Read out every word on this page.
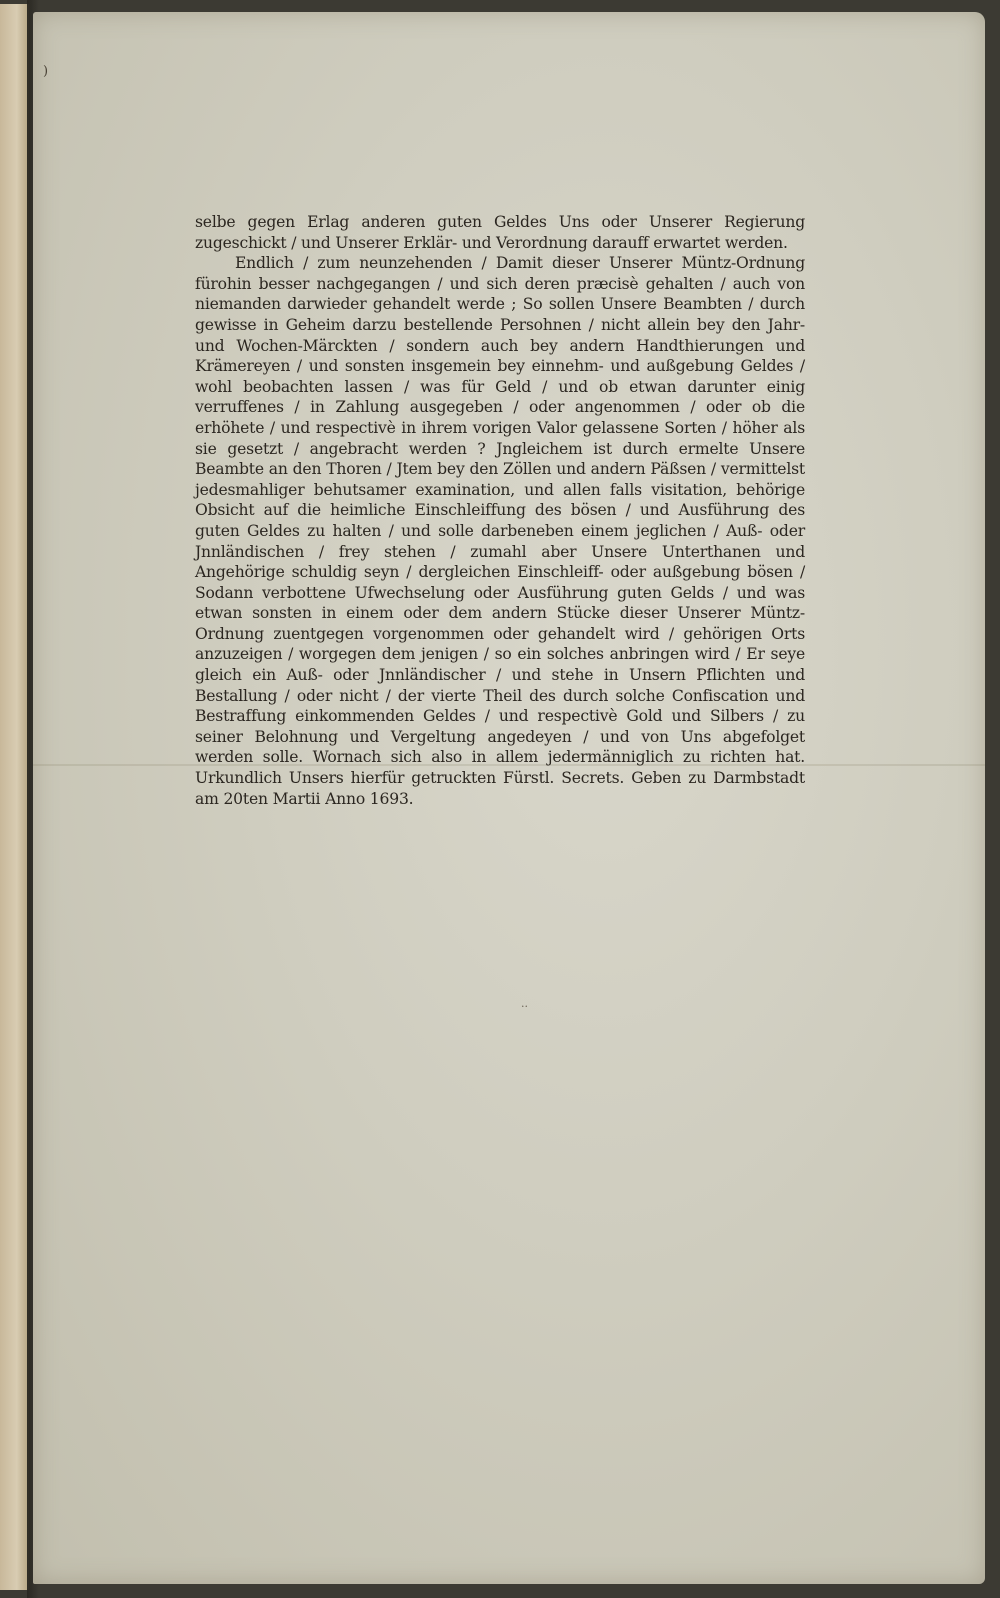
)

selbe gegen Erlag anderen guten Geldes Uns oder Unserer Regierung zugeschickt / und Unserer Erklär- und Verordnung darauff erwartet werden.

Endlich / zum neunzehenden / Damit dieser Unserer Müntz-Ordnung fürohin besser nachgegangen / und sich deren præcisè gehalten / auch von niemanden darwieder gehandelt werde ; So sollen Unsere Beambten / durch gewisse in Geheim darzu bestellende Persohnen / nicht allein bey den Jahr- und Wochen-Märckten / sondern auch bey andern Handthierungen und Krämereyen / und sonsten insgemein bey einnehm- und außgebung Geldes / wohl beobachten lassen / was für Geld / und ob etwan darunter einig verruffenes / in Zahlung ausgegeben / oder angenommen / oder ob die erhöhete / und respectivè in ihrem vorigen Valor gelassene Sorten / höher als sie gesetzt / angebracht werden ? Jngleichem ist durch ermelte Unsere Beambte an den Thoren / Jtem bey den Zöllen und andern Päßsen / vermittelst jedesmahliger behutsamer examination, und allen falls visitation, behörige Obsicht auf die heimliche Einschleiffung des bösen / und Ausführung des guten Geldes zu halten / und solle darbeneben einem jeglichen / Auß- oder Jnnländischen / frey stehen / zumahl aber Unsere Unterthanen und Angehörige schuldig seyn / dergleichen Einschleiff- oder außgebung bösen / Sodann verbottene Ufwechselung oder Ausführung guten Gelds / und was etwan sonsten in einem oder dem andern Stücke dieser Unserer Müntz-Ordnung zuentgegen vorgenommen oder gehandelt wird / gehörigen Orts anzuzeigen / worgegen dem jenigen / so ein solches anbringen wird / Er seye gleich ein Auß- oder Jnnländischer / und stehe in Unsern Pflichten und Bestallung / oder nicht / der vierte Theil des durch solche Confiscation und Bestraffung einkommenden Geldes / und respectivè Gold und Silbers / zu seiner Belohnung und Vergeltung angedeyen / und von Uns abgefolget werden solle. Wornach sich also in allem jedermänniglich zu richten hat. Urkundlich Unsers hierfür getruckten Fürstl. Secrets. Geben zu Darmbstadt am 20ten Martii Anno 1693.

..
